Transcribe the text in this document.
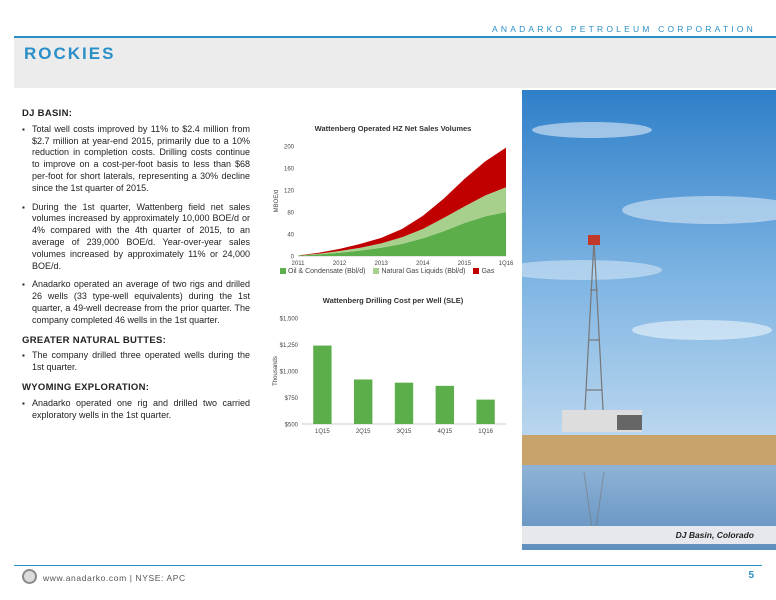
ANADARKO PETROLEUM CORPORATION
ROCKIES
DJ BASIN:
▪ Total well costs improved by 11% to $2.4 million from $2.7 million at year-end 2015, primarily due to a 10% reduction in completion costs. Drilling costs continue to improve on a cost-per-foot basis to less than $68 per-foot for short laterals, representing a 30% decline since the 1st quarter of 2015.
▪ During the 1st quarter, Wattenberg field net sales volumes increased by approximately 10,000 BOE/d or 4% compared with the 4th quarter of 2015, to an average of 239,000 BOE/d. Year-over-year sales volumes increased by approximately 11% or 24,000 BOE/d.
▪ Anadarko operated an average of two rigs and drilled 26 wells (33 type-well equivalents) during the 1st quarter, a 49-well decrease from the prior quarter. The company completed 46 wells in the 1st quarter.
GREATER NATURAL BUTTES:
▪ The company drilled three operated wells during the 1st quarter.
WYOMING EXPLORATION:
▪ Anadarko operated one rig and drilled two carried exploratory wells in the 1st quarter.
Wattenberg Operated HZ Net Sales Volumes
0
40
80
120
160
200
2011	2012	2013	2014	2015	1Q16
MBOE/d
Oil & Condensate (Bbl/d)	Natural Gas Liquids (Bbl/d)	Gas
Wattenberg Drilling Cost per Well (SLE)
$500
$750
$1,000
$1,250
$1,500
Thousands
1Q15	2Q15	3Q15	4Q15	1Q16
DJ Basin, Colorado
www.anadarko.com | NYSE: APC	5
